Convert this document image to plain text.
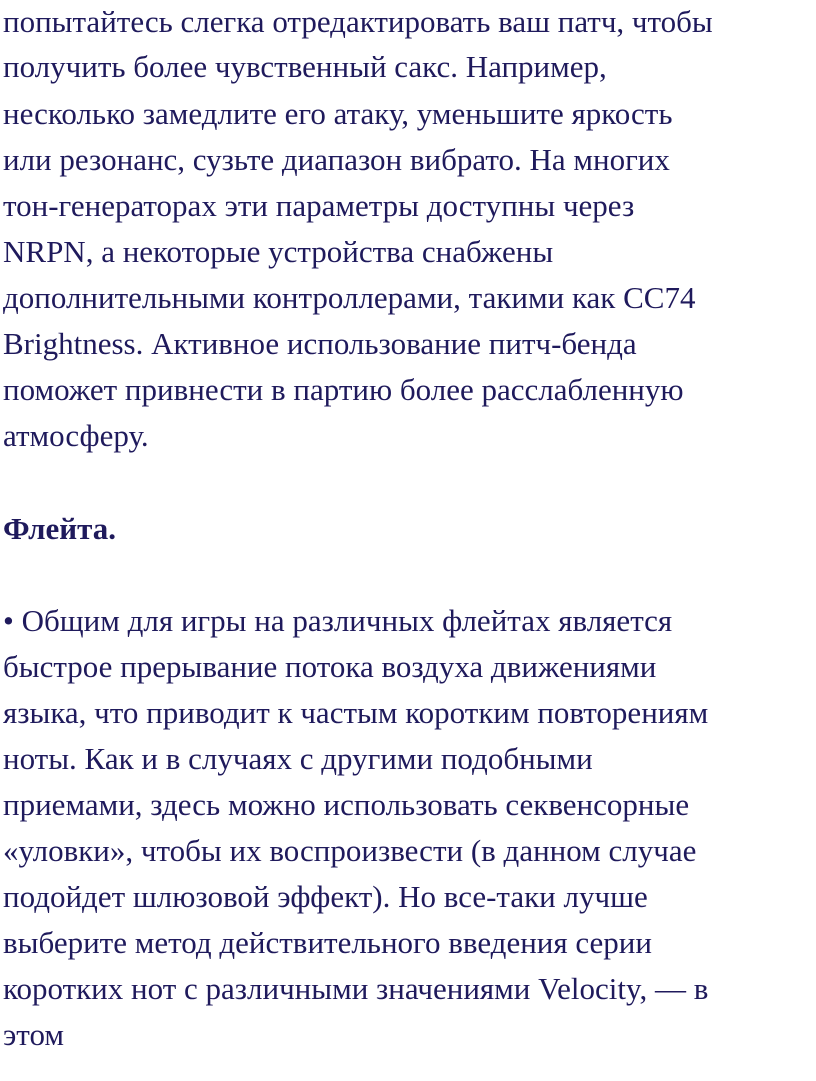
попытайтесь слегка отредактировать ваш патч, чтобы
получить более чувственный сакс. Например,
несколько замедлите его атаку, уменьшите яркость
или резонанс, сузьте диапазон вибрато. На многих
тон-генераторах эти параметры доступны через
NRPN, а некоторые устройства снабжены
дополнительными контроллерами, такими как CC74
Brightness. Активное использование питч-бенда
поможет привнести в партию более расслабленную
атмосферу.
Флейта.
• Общим для игры на различных флейтах является
быстрое прерывание потока воздуха движениями
языка, что приводит к частым коротким повторениям
ноты. Как и в случаях с другими подобными
приемами, здесь можно использовать секвенсорные
«уловки», чтобы их воспроизвести (в данном случае
подойдет шлюзовой эффект). Но все-таки лучше
выберите метод действительного введения серии
коротких нот с различными значениями Velocity, — в
этом
